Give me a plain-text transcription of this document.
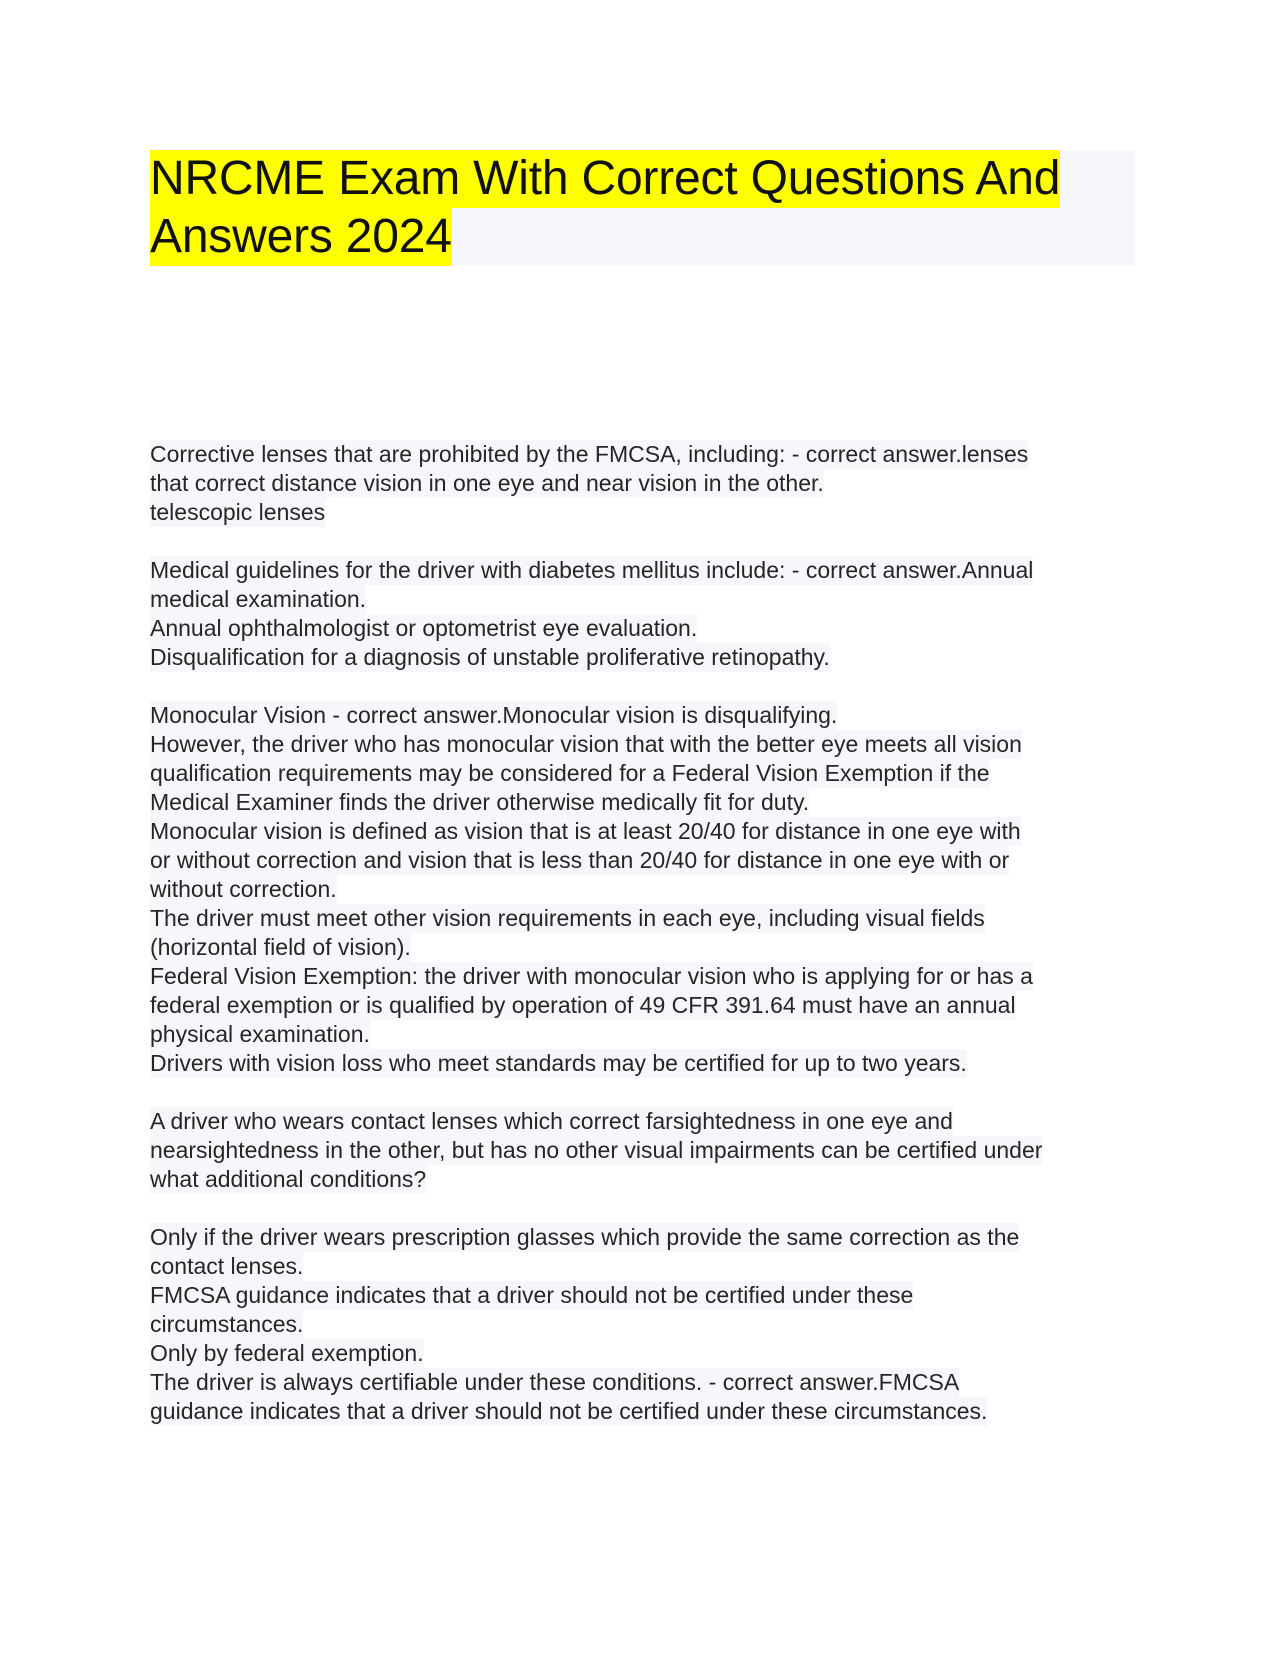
NRCME Exam With Correct Questions And
Answers 2024
Corrective lenses that are prohibited by the FMCSA, including: - correct answer.lenses
that correct distance vision in one eye and near vision in the other.
telescopic lenses
Medical guidelines for the driver with diabetes mellitus include: - correct answer.Annual
medical examination.
Annual ophthalmologist or optometrist eye evaluation.
Disqualification for a diagnosis of unstable proliferative retinopathy.
Monocular Vision - correct answer.Monocular vision is disqualifying.
However, the driver who has monocular vision that with the better eye meets all vision
qualification requirements may be considered for a Federal Vision Exemption if the
Medical Examiner finds the driver otherwise medically fit for duty.
Monocular vision is defined as vision that is at least 20/40 for distance in one eye with
or without correction and vision that is less than 20/40 for distance in one eye with or
without correction.
The driver must meet other vision requirements in each eye, including visual fields
(horizontal field of vision).
Federal Vision Exemption: the driver with monocular vision who is applying for or has a
federal exemption or is qualified by operation of 49 CFR 391.64 must have an annual
physical examination.
Drivers with vision loss who meet standards may be certified for up to two years.
A driver who wears contact lenses which correct farsightedness in one eye and
nearsightedness in the other, but has no other visual impairments can be certified under
what additional conditions?
Only if the driver wears prescription glasses which provide the same correction as the
contact lenses.
FMCSA guidance indicates that a driver should not be certified under these
circumstances.
Only by federal exemption.
The driver is always certifiable under these conditions. - correct answer.FMCSA
guidance indicates that a driver should not be certified under these circumstances.
